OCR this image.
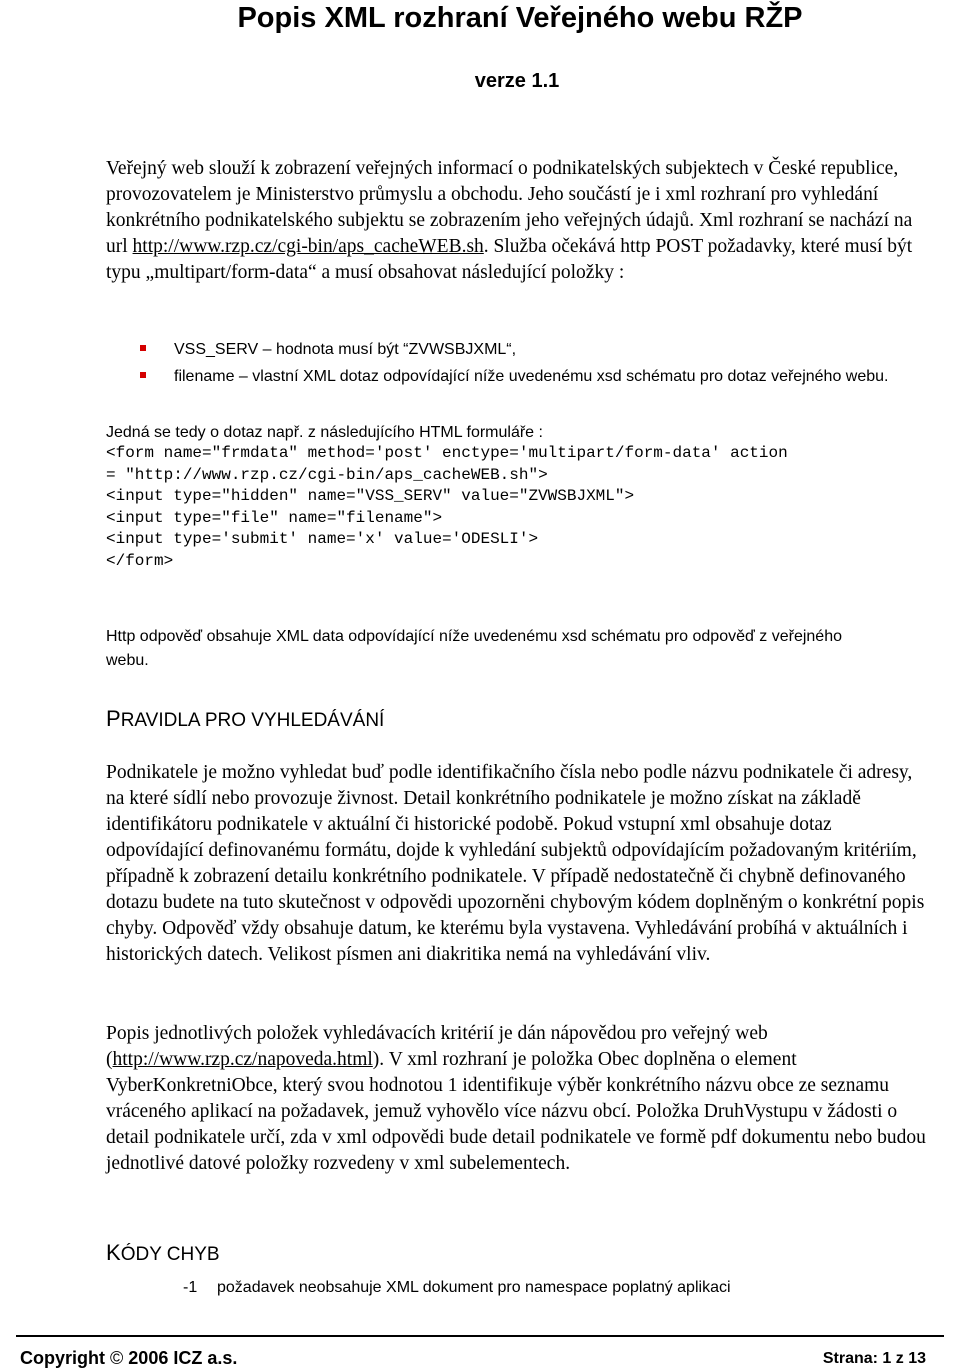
Popis XML rozhraní Veřejného webu RŽP
verze 1.1
Veřejný web slouží k zobrazení veřejných informací o podnikatelských subjektech v České republice, provozovatelem je Ministerstvo průmyslu a obchodu. Jeho součástí je i xml rozhraní pro vyhledání konkrétního podnikatelského subjektu se zobrazením jeho veřejných údajů. Xml rozhraní se nachází na url http://www.rzp.cz/cgi-bin/aps_cacheWEB.sh. Služba očekává http POST požadavky, které musí být typu „multipart/form-data“ a musí obsahovat následující položky :
VSS_SERV – hodnota musí být “ZVWSBJXML“,
filename – vlastní XML dotaz odpovídající níže uvedenému xsd schématu pro dotaz veřejného webu.
Jedná se tedy o dotaz např. z následujícího HTML formuláře :
<form name="frmdata" method='post' enctype='multipart/form-data' action
= "http://www.rzp.cz/cgi-bin/aps_cacheWEB.sh">
<input type="hidden" name="VSS_SERV" value="ZVWSBJXML">
<input type="file" name="filename">
<input type='submit' name='x' value='ODESLI'>
</form>
Http odpověď obsahuje XML data odpovídající níže uvedenému xsd schématu pro odpověď z veřejného webu.
PRAVIDLA PRO VYHLEDÁVÁNÍ
Podnikatele je možno vyhledat buď podle identifikačního čísla nebo podle názvu podnikatele či adresy, na které sídlí nebo provozuje živnost. Detail konkrétního podnikatele je možno získat na základě identifikátoru podnikatele v aktuální či historické podobě. Pokud vstupní xml obsahuje dotaz odpovídající definovanému formátu, dojde k vyhledání subjektů odpovídajícím požadovaným kritériím, případně k zobrazení detailu konkrétního podnikatele. V případě nedostatečně či chybně definovaného dotazu budete na tuto skutečnost v odpovědi upozorněni chybovým kódem doplněným o konkrétní popis chyby. Odpověď vždy obsahuje datum, ke kterému byla vystavena. Vyhledávání probíhá v aktuálních i historických datech. Velikost písmen ani diakritika nemá na vyhledávání vliv.
Popis jednotlivých položek vyhledávacích kritérií je dán nápovědou pro veřejný web (http://www.rzp.cz/napoveda.html). V xml rozhraní je položka Obec doplněna o element VyberKonkretniObce, který svou hodnotou 1 identifikuje výběr konkrétního názvu obce ze seznamu vráceného aplikací na požadavek, jemuž vyhovělo více názvu obcí. Položka DruhVystupu v žádosti o detail podnikatele určí, zda v xml odpovědi bude detail podnikatele ve formě pdf dokumentu nebo budou jednotlivé datové položky rozvedeny v xml subelementech.
KÓDY CHYB
-1 požadavek neobsahuje XML dokument pro namespace poplatný aplikaci
Copyright © 2006 ICZ a.s.	Strana: 1 z 13
